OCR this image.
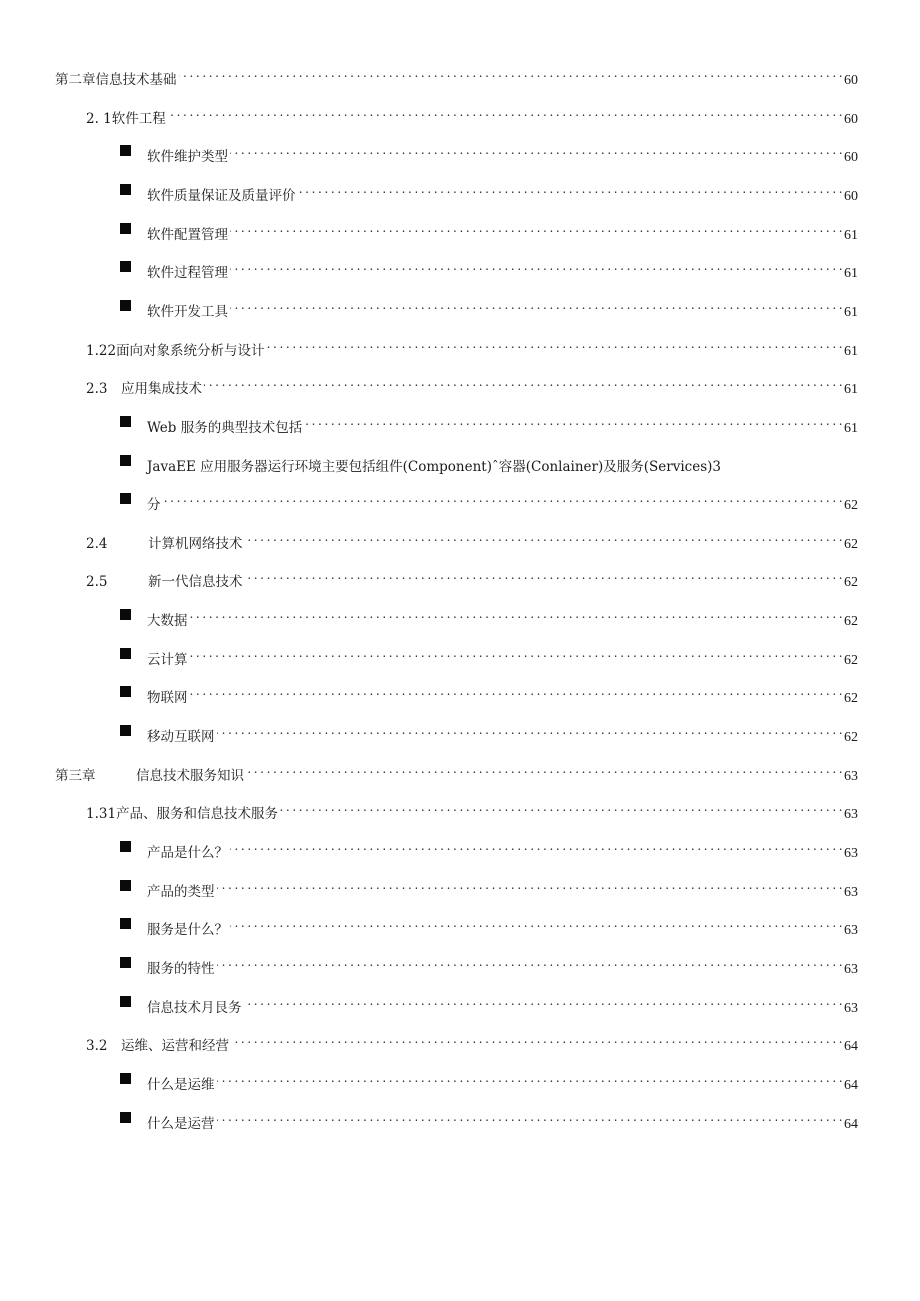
第二章信息技术基础 . . .	60
2. 1 软件工程 . . .	60
软件维护类型 . . .	60
软件质量保证及质量评价 . . .	60
软件配置管理 . . .	61
软件过程管理 . . .	61
软件开发工具 . . .	61
1.22 面向对象系统分析与设计 . . .	61
2.3　 应用集成技术 . . .	61
Web 服务的典型技术包括 . . .	61
JavaEE 应用服务器运行环境主要包括组件(Component)ˆ容器(Conlainer)及服务(Services)3
分 . . .	62
2.4　　　 计算机网络技术 . . .	62
2.5　　　 新一代信息技术 . . .	62
大数据 . . .	62
云计算 . . .	62
物联网 . . .	62
移动互联网 . . .	62
第三章　　　 信息技术服务知识 . . .	63
1.31 产品、服务和信息技术服务 . . .	63
产品是什么？ . . .	63
产品的类型 . . .	63
服务是什么？ . . .	63
服务的特性 . . .	63
信息技术月艮务 . . .	63
3.2　 运维、运营和经营 . . .	64
什么是运维 . . .	64
什么是运营 . . .	64
